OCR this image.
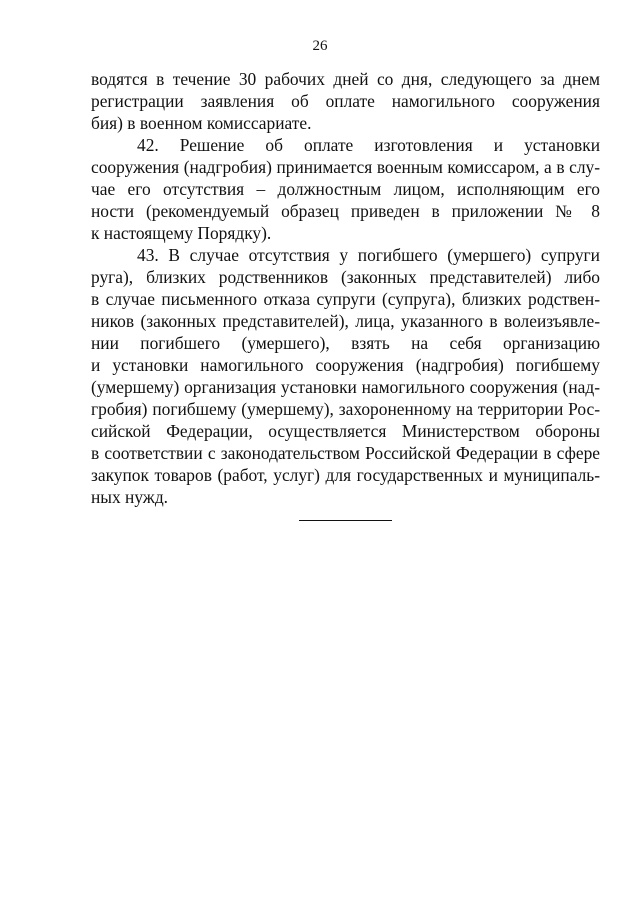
26
водятся в течение 30 рабочих дней со дня, следующего за днем
регистрации заявления об оплате намогильного сооружения
бия) в военном комиссариате.
42. Решение об оплате изготовления и установки
сооружения (надгробия) принимается военным комиссаром, а в слу-
чае его отсутствия – должностным лицом, исполняющим его
ности (рекомендуемый образец приведен в приложении № 8
к настоящему Порядку).
43. В случае отсутствия у погибшего (умершего) супруги
руга), близких родственников (законных представителей) либо
в случае письменного отказа супруги (супруга), близких родствен-
ников (законных представителей), лица, указанного в волеизъявле-
нии погибшего (умершего), взять на себя организацию
и установки намогильного сооружения (надгробия) погибшему
(умершему) организация установки намогильного сооружения (над-
гробия) погибшему (умершему), захороненному на территории Рос-
сийской Федерации, осуществляется Министерством обороны
в соответствии с законодательством Российской Федерации в сфере
закупок товаров (работ, услуг) для государственных и муниципаль-
ных нужд.
